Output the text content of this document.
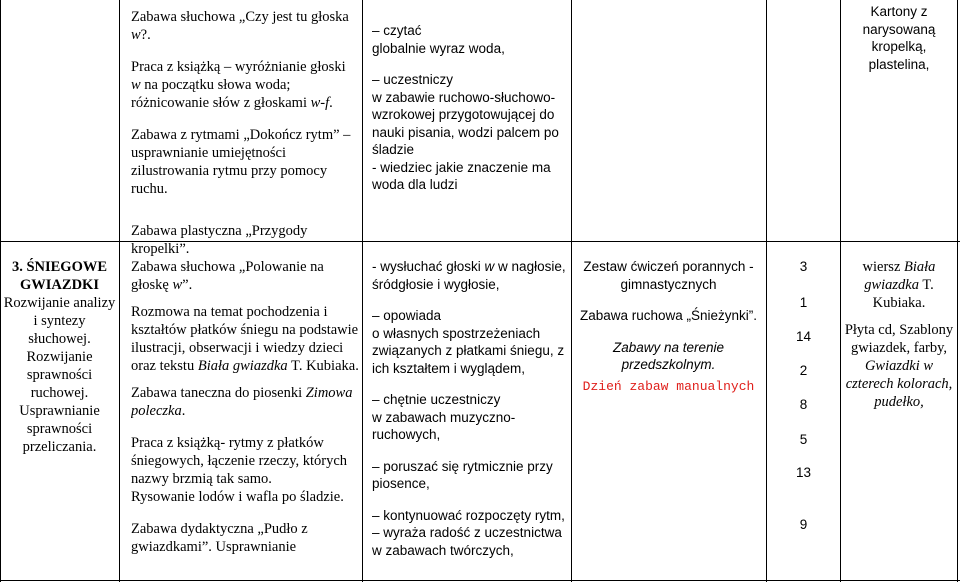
Zabawa słuchowa „Czy jest tu głoska w?.

Praca z książką – wyróżnianie głoski w na początku słowa woda; różnicowanie słów z głoskami w-f.

Zabawa z rytmami „Dokończ rytm” – usprawnianie umiejętności zilustrowania rytmu przy pomocy ruchu.

– czytać

globalnie wyraz woda,

– uczestniczy

w zabawie ruchowo-słuchowo-wzrokowej przygotowującej do nauki pisania, wodzi palcem po śladzie

- wiedziec jakie znaczenie ma woda dla ludzi

Kartony z narysowaną kropelką, plastelina,

3. ŚNIEGOWE GWIAZDKI

Rozwijanie analizy i syntezy słuchowej.

Rozwijanie sprawności ruchowej.

Usprawnianie sprawności przeliczania.

Zabawa plastyczna „Przygody kropelki”.

Zabawa słuchowa „Polowanie na głoskę w”.

Rozmowa na temat pochodzenia i kształtów płatków śniegu na podstawie ilustracji, obserwacji i wiedzy dzieci oraz tekstu Biała gwiazdka T. Kubiaka.

Zabawa taneczna do piosenki Zimowa poleczka.

Praca z książką- rytmy z płatków śniegowych, łączenie rzeczy, których nazwy brzmią tak samo.

Rysowanie lodów i wafla po śladzie.

Zabawa dydaktyczna „Pudło z gwiazdkami”. Usprawnianie

- wysłuchać głoski w w nagłosie, śródgłosie i wygłosie,

– opowiada

o własnych spostrzeżeniach związanych z płatkami śniegu, z ich kształtem i wyglądem,

– chętnie uczestniczy

w zabawach muzyczno-ruchowych,

– poruszać się rytmicznie przy piosence,

– kontynuować rozpoczęty rytm,

– wyraża radość z uczestnictwa w zabawach twórczych,

Zestaw ćwiczeń porannych - gimnastycznych

Zabawa ruchowa „Śnieżynki”.

Zabawy na terenie przedszkolnym.

Dzień zabaw manualnych

3
1
14
2
8
5
13
9

wiersz Biała gwiazdka T. Kubiaka.

Płyta cd, Szablony gwiazdek, farby, Gwiazdki w czterech kolorach, pudełko,
